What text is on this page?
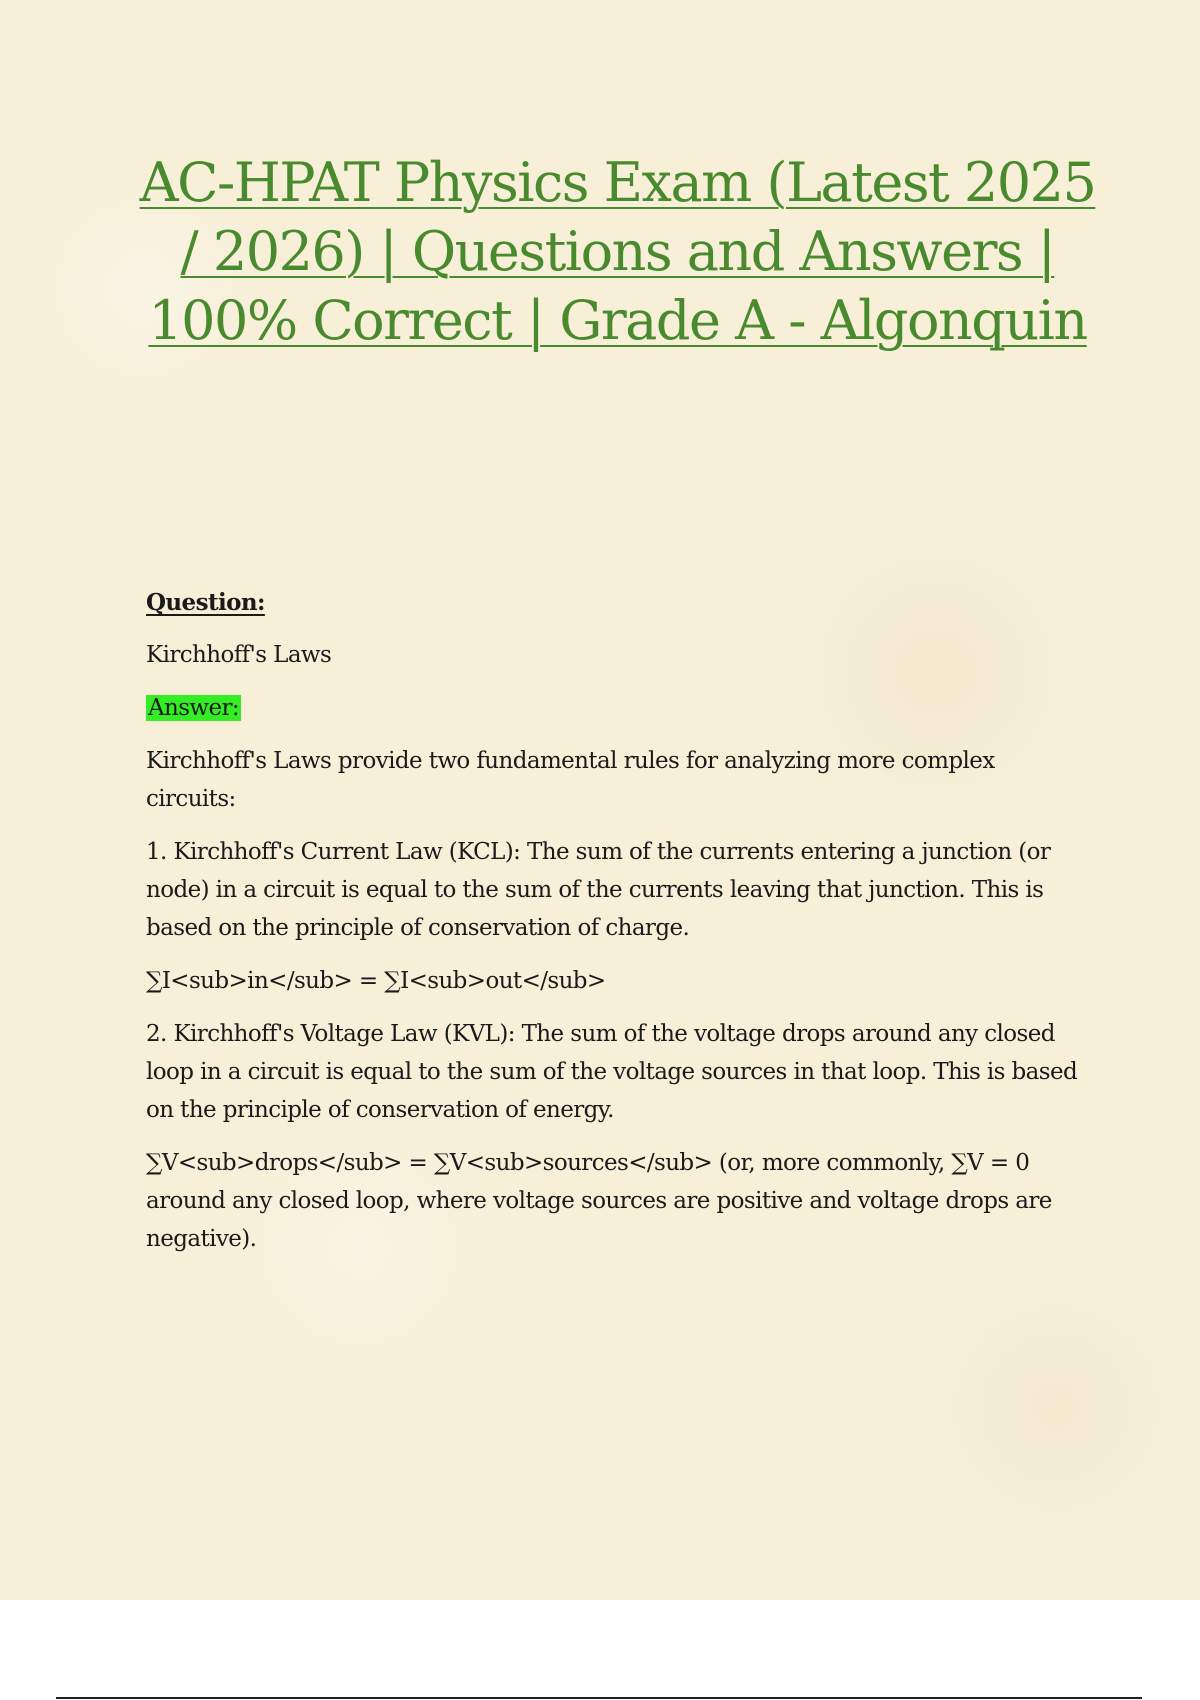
AC-HPAT Physics Exam (Latest 2025 / 2026) | Questions and Answers | 100% Correct | Grade A - Algonquin

Question:

Kirchhoff's Laws

Answer:

Kirchhoff's Laws provide two fundamental rules for analyzing more complex circuits:

1. Kirchhoff's Current Law (KCL): The sum of the currents entering a junction (or node) in a circuit is equal to the sum of the currents leaving that junction. This is based on the principle of conservation of charge.

∑I<sub>in</sub> = ∑I<sub>out</sub>

2. Kirchhoff's Voltage Law (KVL): The sum of the voltage drops around any closed loop in a circuit is equal to the sum of the voltage sources in that loop. This is based on the principle of conservation of energy.

∑V<sub>drops</sub> = ∑V<sub>sources</sub> (or, more commonly, ∑V = 0 around any closed loop, where voltage sources are positive and voltage drops are negative).
